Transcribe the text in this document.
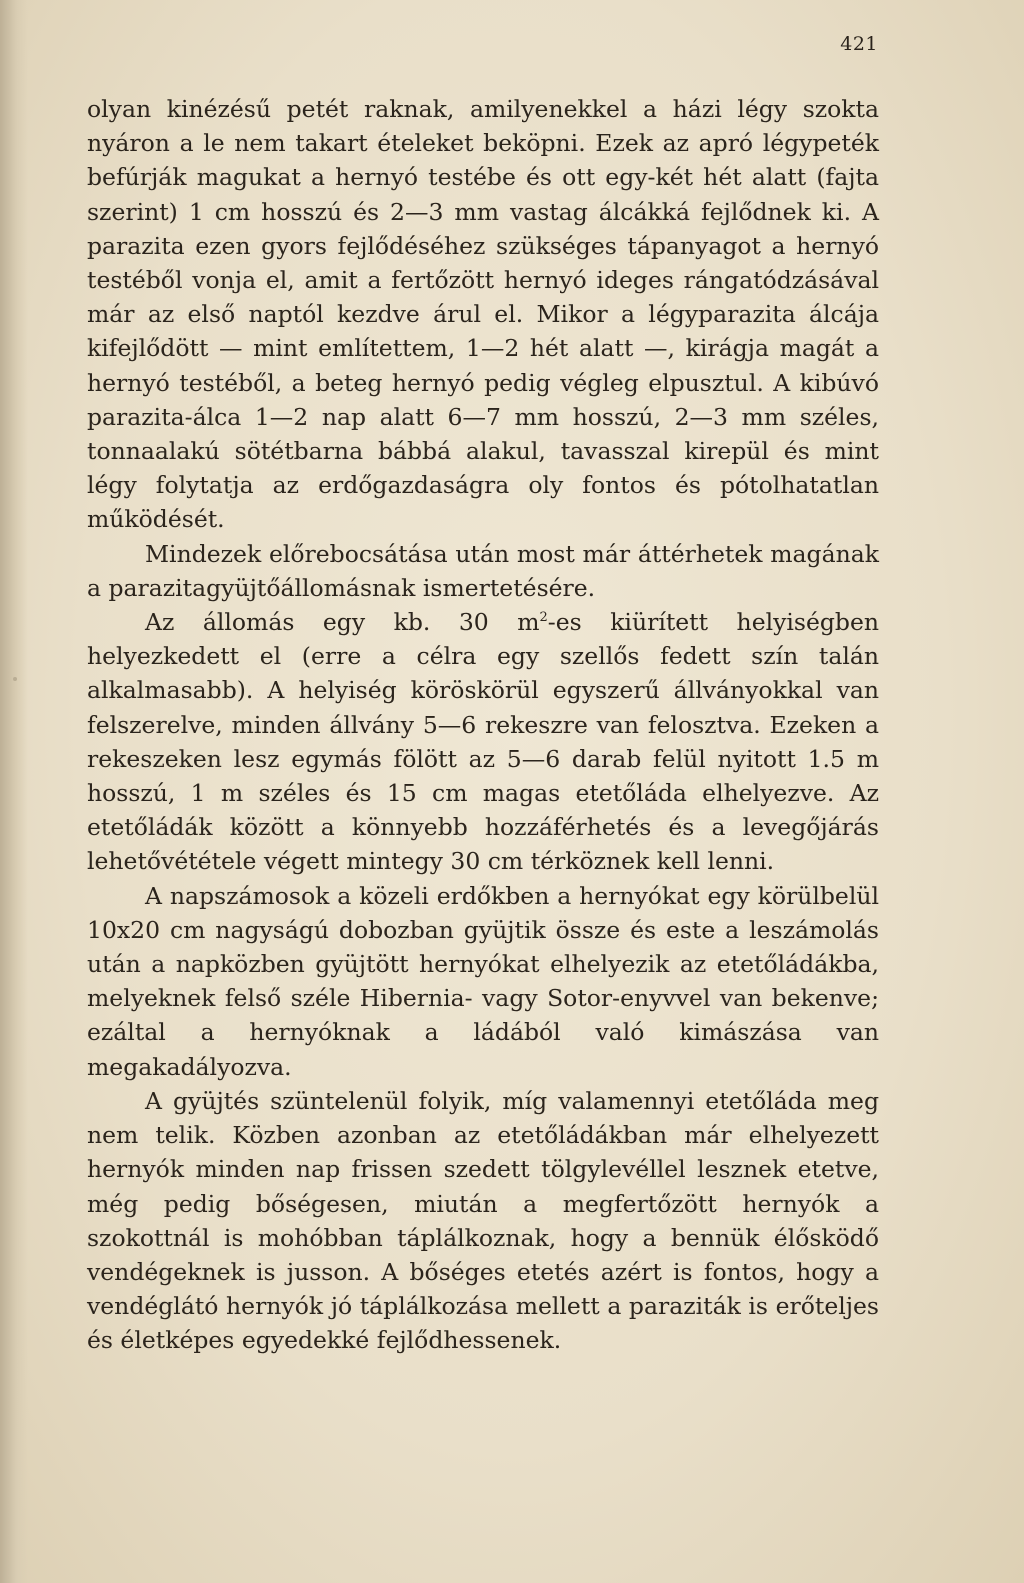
421

olyan kinézésű petét raknak, amilyenekkel a házi légy szokta nyáron a le nem takart ételeket beköpni. Ezek az apró légypeték befúrják magukat a hernyó testébe és ott egy-két hét alatt (fajta szerint) 1 cm hosszú és 2—3 mm vastag álcákká fejlődnek ki. A parazita ezen gyors fejlődéséhez szükséges tápanyagot a hernyó testéből vonja el, amit a fertőzött hernyó ideges rángatódzásával már az első naptól kezdve árul el. Mikor a légyparazita álcája kifejlődött — mint említettem, 1—2 hét alatt —, kirágja magát a hernyó testéből, a beteg hernyó pedig végleg elpusztul. A kibúvó parazita-álca 1—2 nap alatt 6—7 mm hosszú, 2—3 mm széles, tonnaalakú sötétbarna bábbá alakul, tavasszal kirepül és mint légy folytatja az erdőgazdaságra oly fontos és pótolhatatlan működését.

Mindezek előrebocsátása után most már áttérhetek magának a parazitagyüjtőállomásnak ismertetésére.

Az állomás egy kb. 30 $m^2-es$ kiürített helyiségben helyezkedett el (erre a célra egy szellős fedett szín talán alkalmasabb). A helyiség köröskörül egyszerű állványokkal van felszerelve, minden állvány 5—6 rekeszre van felosztva. Ezeken a rekeszeken lesz egymás fölött az 5—6 darab felül nyitott 1.5 m hosszú, 1 m széles és 15 cm magas etetőláda elhelyezve. Az etetőládák között a könnyebb hozzáférhetés és a levegőjárás lehetővététele végett mintegy 30 cm térköznek kell lenni.

A napszámosok a közeli erdőkben a hernyókat egy körülbelül 10x20 cm nagyságú dobozban gyüjtik össze és este a leszámolás után a napközben gyüjtött hernyókat elhelyezik az etetőládákba, melyeknek felső széle Hibernia- vagy Sotor-enyvvel van bekenve; ezáltal a hernyóknak a ládából való kimászása van megakadályozva.

A gyüjtés szüntelenül folyik, míg valamennyi etetőláda meg nem telik. Közben azonban az etetőládákban már elhelyezett hernyók minden nap frissen szedett tölgylevéllel lesznek etetve, még pedig bőségesen, miután a megfertőzött hernyók a szokottnál is mohóbban táplálkoznak, hogy a bennük élősködő vendégeknek is jusson. A bőséges etetés azért is fontos, hogy a vendéglátó hernyók jó táplálkozása mellett a paraziták is erőteljes és életképes egyedekké fejlődhessenek.
